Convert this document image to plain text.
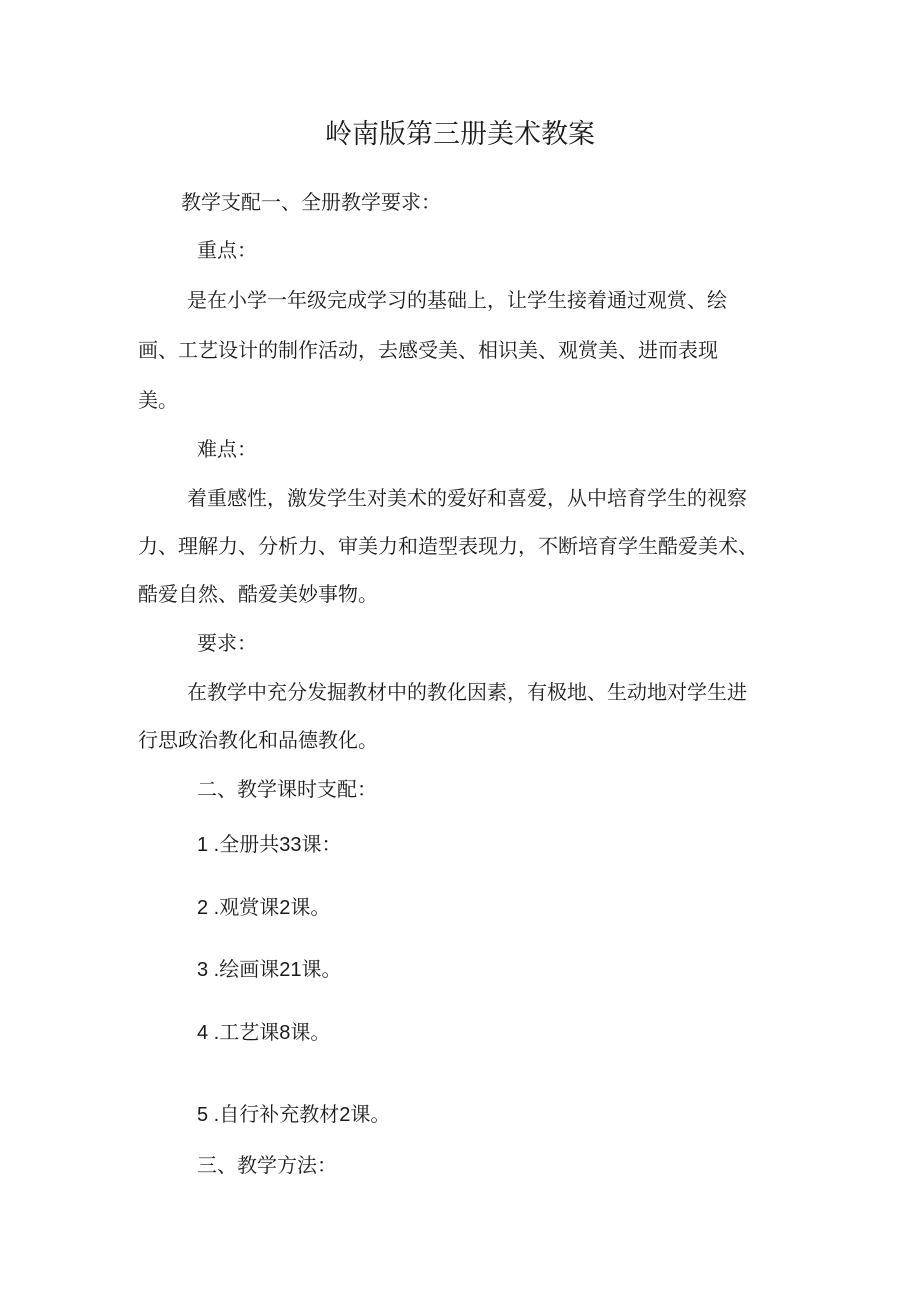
岭南版第三册美术教案

教学支配一、全册教学要求：

重点：

是在小学一年级完成学习的基础上，让学生接着通过观赏、绘

画、工艺设计的制作活动，去感受美、相识美、观赏美、进而表现

美。

难点：

着重感性，激发学生对美术的爱好和喜爱，从中培育学生的视察

力、理解力、分析力、审美力和造型表现力，不断培育学生酷爱美术、

酷爱自然、酷爱美妙事物。

要求：

在教学中充分发掘教材中的教化因素，有极地、生动地对学生进

行思政治教化和品德教化。

二、教学课时支配：

1 .全册共33课：

2 .观赏课2课。

3 .绘画课21课。

4 .工艺课8课。

5 .自行补充教材2课。

三、教学方法：
